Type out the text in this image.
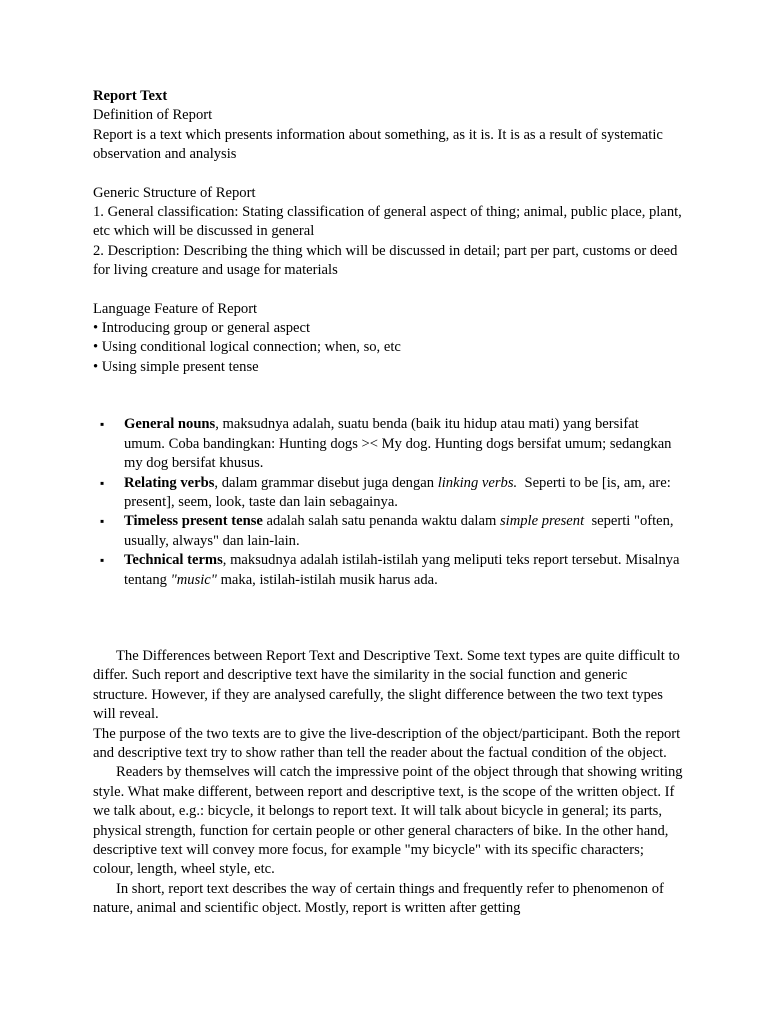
Report Text
Definition of Report
Report is a text which presents information about something, as it is. It is as a result of systematic observation and analysis
Generic Structure of Report
1. General classification: Stating classification of general aspect of thing; animal, public place, plant, etc which will be discussed in general
2. Description: Describing the thing which will be discussed in detail; part per part, customs or deed for living creature and usage for materials
Language Feature of Report
• Introducing group or general aspect
• Using conditional logical connection; when, so, etc
• Using simple present tense
▪ General nouns, maksudnya adalah, suatu benda (baik itu hidup atau mati) yang bersifat umum. Coba bandingkan: Hunting dogs >< My dog. Hunting dogs bersifat umum; sedangkan my dog bersifat khusus.
▪ Relating verbs, dalam grammar disebut juga dengan linking verbs.  Seperti to be [is, am, are: present], seem, look, taste dan lain sebagainya.
▪ Timeless present tense adalah salah satu penanda waktu dalam simple present  seperti "often, usually, always" dan lain-lain.
▪ Technical terms, maksudnya adalah istilah-istilah yang meliputi teks report tersebut. Misalnya tentang "music" maka, istilah-istilah musik harus ada.

The Differences between Report Text and Descriptive Text. Some text types are quite difficult to differ. Such report and descriptive text have the similarity in the social function and generic structure. However, if they are analysed carefully, the slight difference between the two text types will reveal.

The purpose of the two texts are to give the live-description of the object/participant. Both the report and descriptive text try to show rather than tell the reader about the factual condition of the object.

Readers by themselves will catch the impressive point of the object through that showing writing style. What make different, between report and descriptive text, is the scope of the written object. If we talk about, e.g.: bicycle, it belongs to report text. It will talk about bicycle in general; its parts, physical strength, function for certain people or other general characters of bike. In the other hand, descriptive text will convey more focus, for example "my bicycle" with its specific characters; colour, length, wheel style, etc.

In short, report text describes the way of certain things and frequently refer to phenomenon of nature, animal and scientific object. Mostly, report is written after getting
